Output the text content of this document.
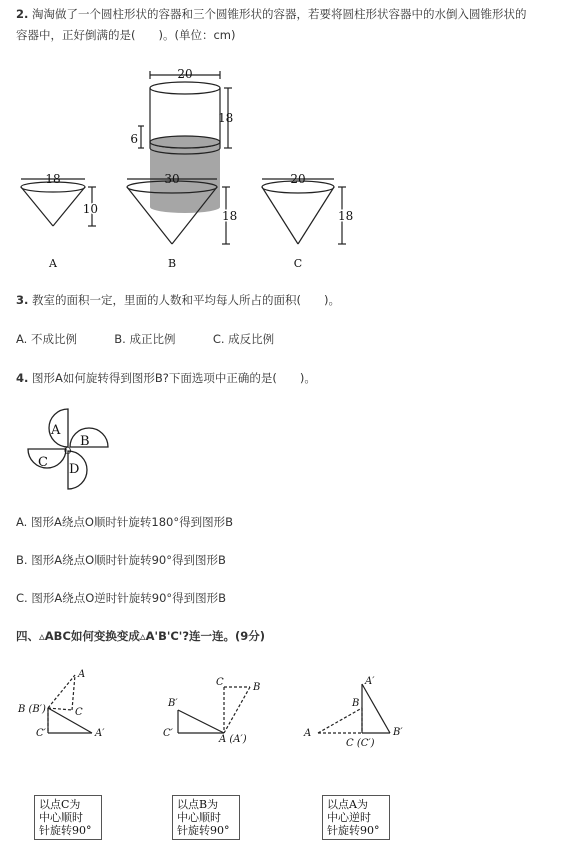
2. 淘淘做了一个圆柱形状的容器和三个圆锥形状的容器，若要将圆柱形状容器中的水倒入圆锥形状的
容器中，正好倒满的是(　　)。(单位：cm)
20
18
6
18
10
A
30
18
B
20
18
C
3. 教室的面积一定，里面的人数和平均每人所占的面积(　　)。
A. 不成比例	B. 成正比例	C. 成反比例
4. 图形A如何旋转得到图形B?下面选项中正确的是(　　)。
A
B
C D
O
A. 图形A绕点O顺时针旋转180°得到图形B
B. 图形A绕点O顺时针旋转90°得到图形B
C. 图形A绕点O逆时针旋转90°得到图形B
四、▵ABC如何变换变成▵A'B'C'?连一连。(9分)
A
B (B′)	C
C′	A′
B′
C	B
C′
A (A′)
A′
B
A
C (C′)
B′
以点C为
中心顺时
针旋转90°
以点B为
中心顺时
针旋转90°
以点A为
中心逆时
针旋转90°
